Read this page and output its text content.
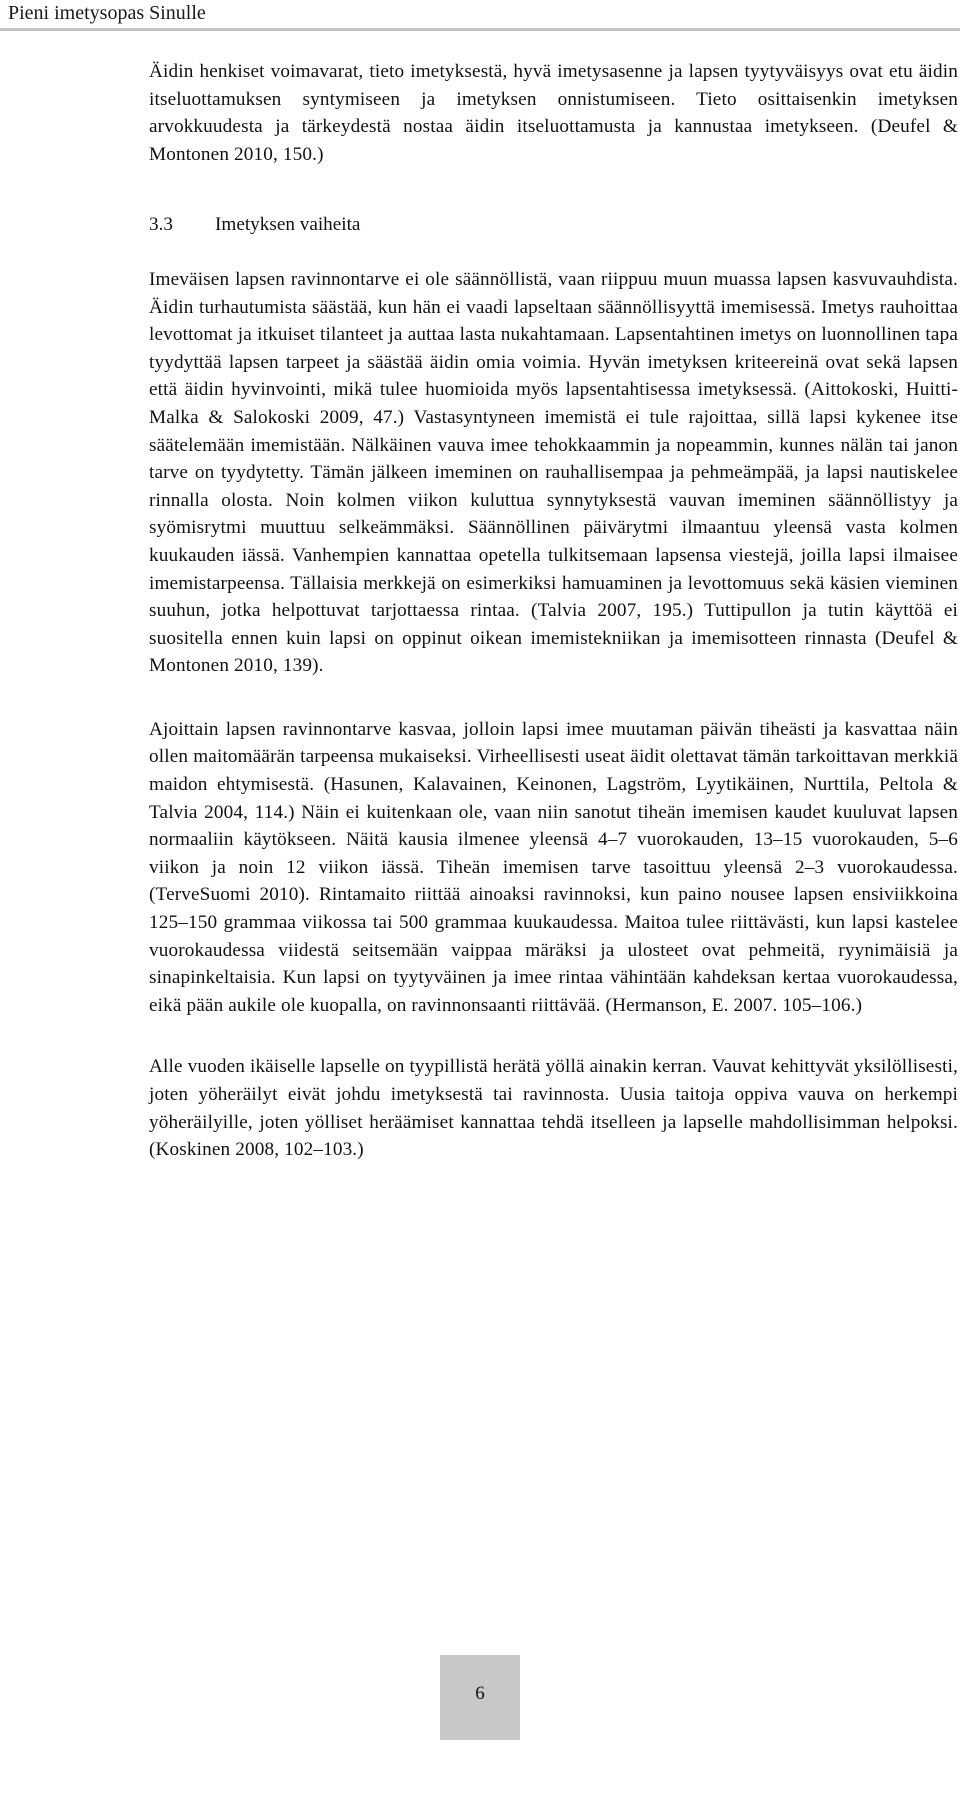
Pieni imetysopas Sinulle

Äidin henkiset voimavarat, tieto imetyksestä, hyvä imetysasenne ja lapsen tyytyväisyys ovat etu äidin itseluottamuksen syntymiseen ja imetyksen onnistumiseen. Tieto osittaisenkin imetyksen arvokkuudesta ja tärkeydestä nostaa äidin itseluottamusta ja kannustaa imetykseen. (Deufel & Montonen 2010, 150.)

3.3 Imetyksen vaiheita

Imeväisen lapsen ravinnontarve ei ole säännöllistä, vaan riippuu muun muassa lapsen kasvuvauhdista. Äidin turhautumista säästää, kun hän ei vaadi lapseltaan säännöllisyyttä imemisessä. Imetys rauhoittaa levottomat ja itkuiset tilanteet ja auttaa lasta nukahtamaan. Lapsentahtinen imetys on luonnollinen tapa tyydyttää lapsen tarpeet ja säästää äidin omia voimia. Hyvän imetyksen kriteereinä ovat sekä lapsen että äidin hyvinvointi, mikä tulee huomioida myös lapsentahtisessa imetyksessä. (Aittokoski, Huitti-Malka & Salokoski 2009, 47.) Vastasyntyneen imemistä ei tule rajoittaa, sillä lapsi kykenee itse säätelemään imemistään. Nälkäinen vauva imee tehokkaammin ja nopeammin, kunnes nälän tai janon tarve on tyydytetty. Tämän jälkeen imeminen on rauhallisempaa ja pehmeämpää, ja lapsi nautiskelee rinnalla olosta. Noin kolmen viikon kuluttua synnytyksestä vauvan imeminen säännöllistyy ja syömisrytmi muuttuu selkeämmäksi. Säännöllinen päivärytmi ilmaantuu yleensä vasta kolmen kuukauden iässä. Vanhempien kannattaa opetella tulkitsemaan lapsensa viestejä, joilla lapsi ilmaisee imemistarpeensa. Tällaisia merkkejä on esimerkiksi hamuaminen ja levottomuus sekä käsien vieminen suuhun, jotka helpottuvat tarjottaessa rintaa. (Talvia 2007, 195.) Tuttipullon ja tutin käyttöä ei suositella ennen kuin lapsi on oppinut oikean imemistekniikan ja imemisotteen rinnasta (Deufel & Montonen 2010, 139).

Ajoittain lapsen ravinnontarve kasvaa, jolloin lapsi imee muutaman päivän tiheästi ja kasvattaa näin ollen maitomäärän tarpeensa mukaiseksi. Virheellisesti useat äidit olettavat tämän tarkoittavan merkkiä maidon ehtymisestä. (Hasunen, Kalavainen, Keinonen, Lagström, Lyytikäinen, Nurttila, Peltola & Talvia 2004, 114.) Näin ei kuitenkaan ole, vaan niin sanotut tiheän imemisen kaudet kuuluvat lapsen normaaliin käytökseen. Näitä kausia ilmenee yleensä 4–7 vuorokauden, 13–15 vuorokauden, 5–6 viikon ja noin 12 viikon iässä. Tiheän imemisen tarve tasoittuu yleensä 2–3 vuorokaudessa. (TerveSuomi 2010). Rintamaito riittää ainoaksi ravinnoksi, kun paino nousee lapsen ensiviikkoina 125–150 grammaa viikossa tai 500 grammaa kuukaudessa. Maitoa tulee riittävästi, kun lapsi kastelee vuorokaudessa viidestä seitsemään vaippaa märäksi ja ulosteet ovat pehmeitä, ryynimäisiä ja sinapinkeltaisia. Kun lapsi on tyytyväinen ja imee rintaa vähintään kahdeksan kertaa vuorokaudessa, eikä pään aukile ole kuopalla, on ravinnonsaanti riittävää. (Hermanson, E. 2007. 105–106.)

Alle vuoden ikäiselle lapselle on tyypillistä herätä yöllä ainakin kerran. Vauvat kehittyvät yksilöllisesti, joten yöheräilyt eivät johdu imetyksestä tai ravinnosta. Uusia taitoja oppiva vauva on herkempi yöheräilyille, joten yölliset heräämiset kannattaa tehdä itselleen ja lapselle mahdollisimman helpoksi. (Koskinen 2008, 102–103.)

6
